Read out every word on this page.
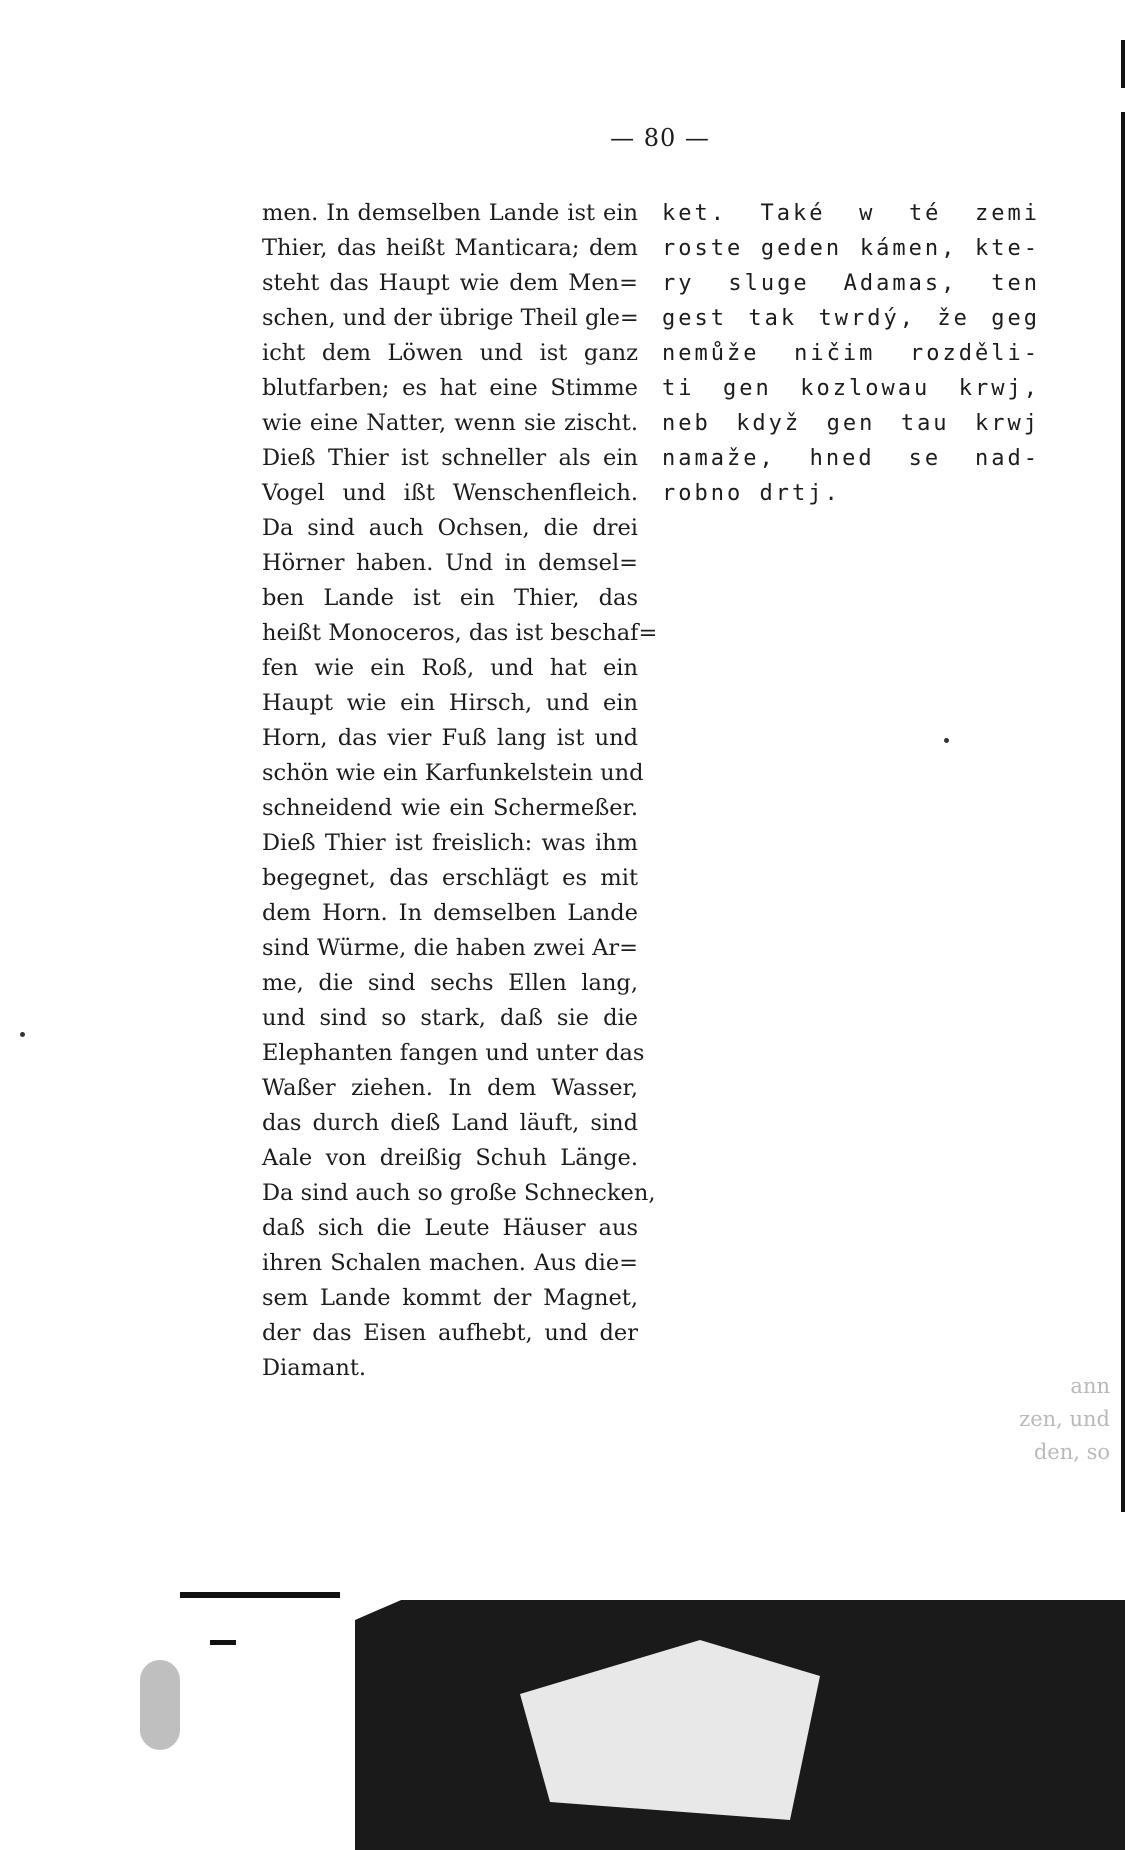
— 80 —
men. In demselben Lande ist ein
Thier, das heißt Manticara; dem
steht das Haupt wie dem Men=
schen, und der übrige Theil gle=
icht dem Löwen und ist ganz
blutfarben; es hat eine Stimme
wie eine Natter, wenn sie zischt.
Dieß Thier ist schneller als ein
Vogel und ißt Wenschenfleich.
Da sind auch Ochsen, die drei
Hörner haben. Und in demsel=
ben Lande ist ein Thier, das
heißt Monoceros, das ist beschaf=
fen wie ein Roß, und hat ein
Haupt wie ein Hirsch, und ein
Horn, das vier Fuß lang ist und
schön wie ein Karfunkelstein und
schneidend wie ein Schermeßer.
Dieß Thier ist freislich: was ihm
begegnet, das erschlägt es mit
dem Horn. In demselben Lande
sind Würme, die haben zwei Ar=
me, die sind sechs Ellen lang,
und sind so stark, daß sie die
Elephanten fangen und unter das
Waßer ziehen. In dem Wasser,
das durch dieß Land läuft, sind
Aale von dreißig Schuh Länge.
Da sind auch so große Schnecken,
daß sich die Leute Häuser aus
ihren Schalen machen. Aus die=
sem Lande kommt der Magnet,
der das Eisen aufhebt, und der
Diamant.
ket. Také w té zemi
roste geden kámen, kte-
ry sluge Adamas, ten
gest tak twrdý, že geg
nemůže ničim rozděli-
ti gen kozlowau krwj,
neb když gen tau krwj
namaže, hned se nad-
robno drtj.
ann
zen, und
den, so
